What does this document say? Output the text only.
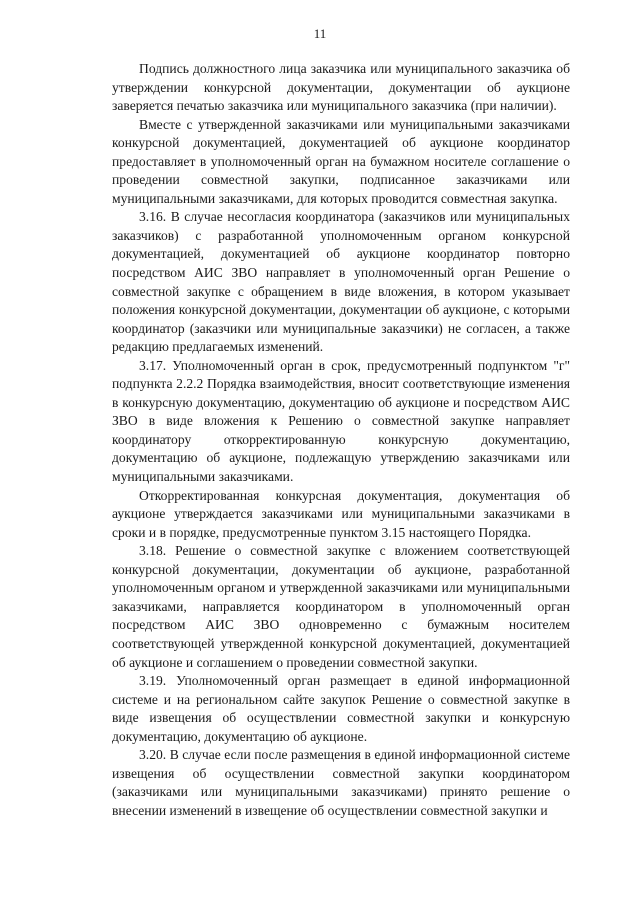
11

Подпись должностного лица заказчика или муниципального заказчика об утверждении конкурсной документации, документации об аукционе заверяется печатью заказчика или муниципального заказчика (при наличии).

Вместе с утвержденной заказчиками или муниципальными заказчиками конкурсной документацией, документацией об аукционе координатор предоставляет в уполномоченный орган на бумажном носителе соглашение о проведении совместной закупки, подписанное заказчиками или муниципальными заказчиками, для которых проводится совместная закупка.

3.16. В случае несогласия координатора (заказчиков или муниципальных заказчиков) с разработанной уполномоченным органом конкурсной документацией, документацией об аукционе координатор повторно посредством АИС ЗВО направляет в уполномоченный орган Решение о совместной закупке с обращением в виде вложения, в котором указывает положения конкурсной документации, документации об аукционе, с которыми координатор (заказчики или муниципальные заказчики) не согласен, а также редакцию предлагаемых изменений.

3.17. Уполномоченный орган в срок, предусмотренный подпунктом "г" подпункта 2.2.2 Порядка взаимодействия, вносит соответствующие изменения в конкурсную документацию, документацию об аукционе и посредством АИС ЗВО в виде вложения к Решению о совместной закупке направляет координатору откорректированную конкурсную документацию, документацию об аукционе, подлежащую утверждению заказчиками или муниципальными заказчиками.

Откорректированная конкурсная документация, документация об аукционе утверждается заказчиками или муниципальными заказчиками в сроки и в порядке, предусмотренные пунктом 3.15 настоящего Порядка.

3.18. Решение о совместной закупке с вложением соответствующей конкурсной документации, документации об аукционе, разработанной уполномоченным органом и утвержденной заказчиками или муниципальными заказчиками, направляется координатором в уполномоченный орган посредством АИС ЗВО одновременно с бумажным носителем соответствующей утвержденной конкурсной документацией, документацией об аукционе и соглашением о проведении совместной закупки.

3.19. Уполномоченный орган размещает в единой информационной системе и на региональном сайте закупок Решение о совместной закупке в виде извещения об осуществлении совместной закупки и конкурсную документацию, документацию об аукционе.

3.20. В случае если после размещения в единой информационной системе извещения об осуществлении совместной закупки координатором (заказчиками или муниципальными заказчиками) принято решение о внесении изменений в извещение об осуществлении совместной закупки и
